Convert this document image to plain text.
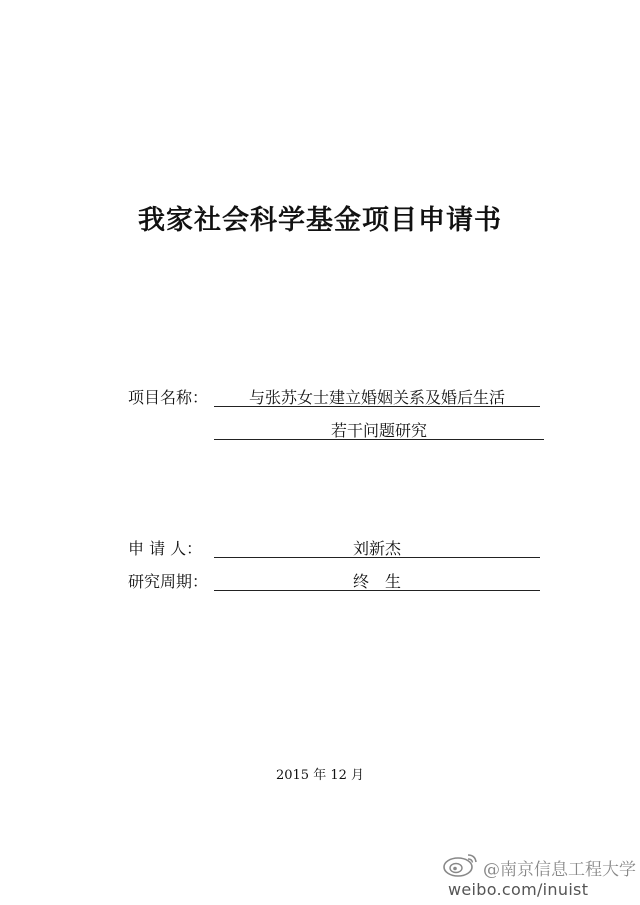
我家社会科学基金项目申请书
项目名称：	与张苏女士建立婚姻关系及婚后生活
若干问题研究
申 请 人：	刘新杰
研究周期：	终　生
2015 年 12 月
@南京信息工程大学
weibo.com/inuist
